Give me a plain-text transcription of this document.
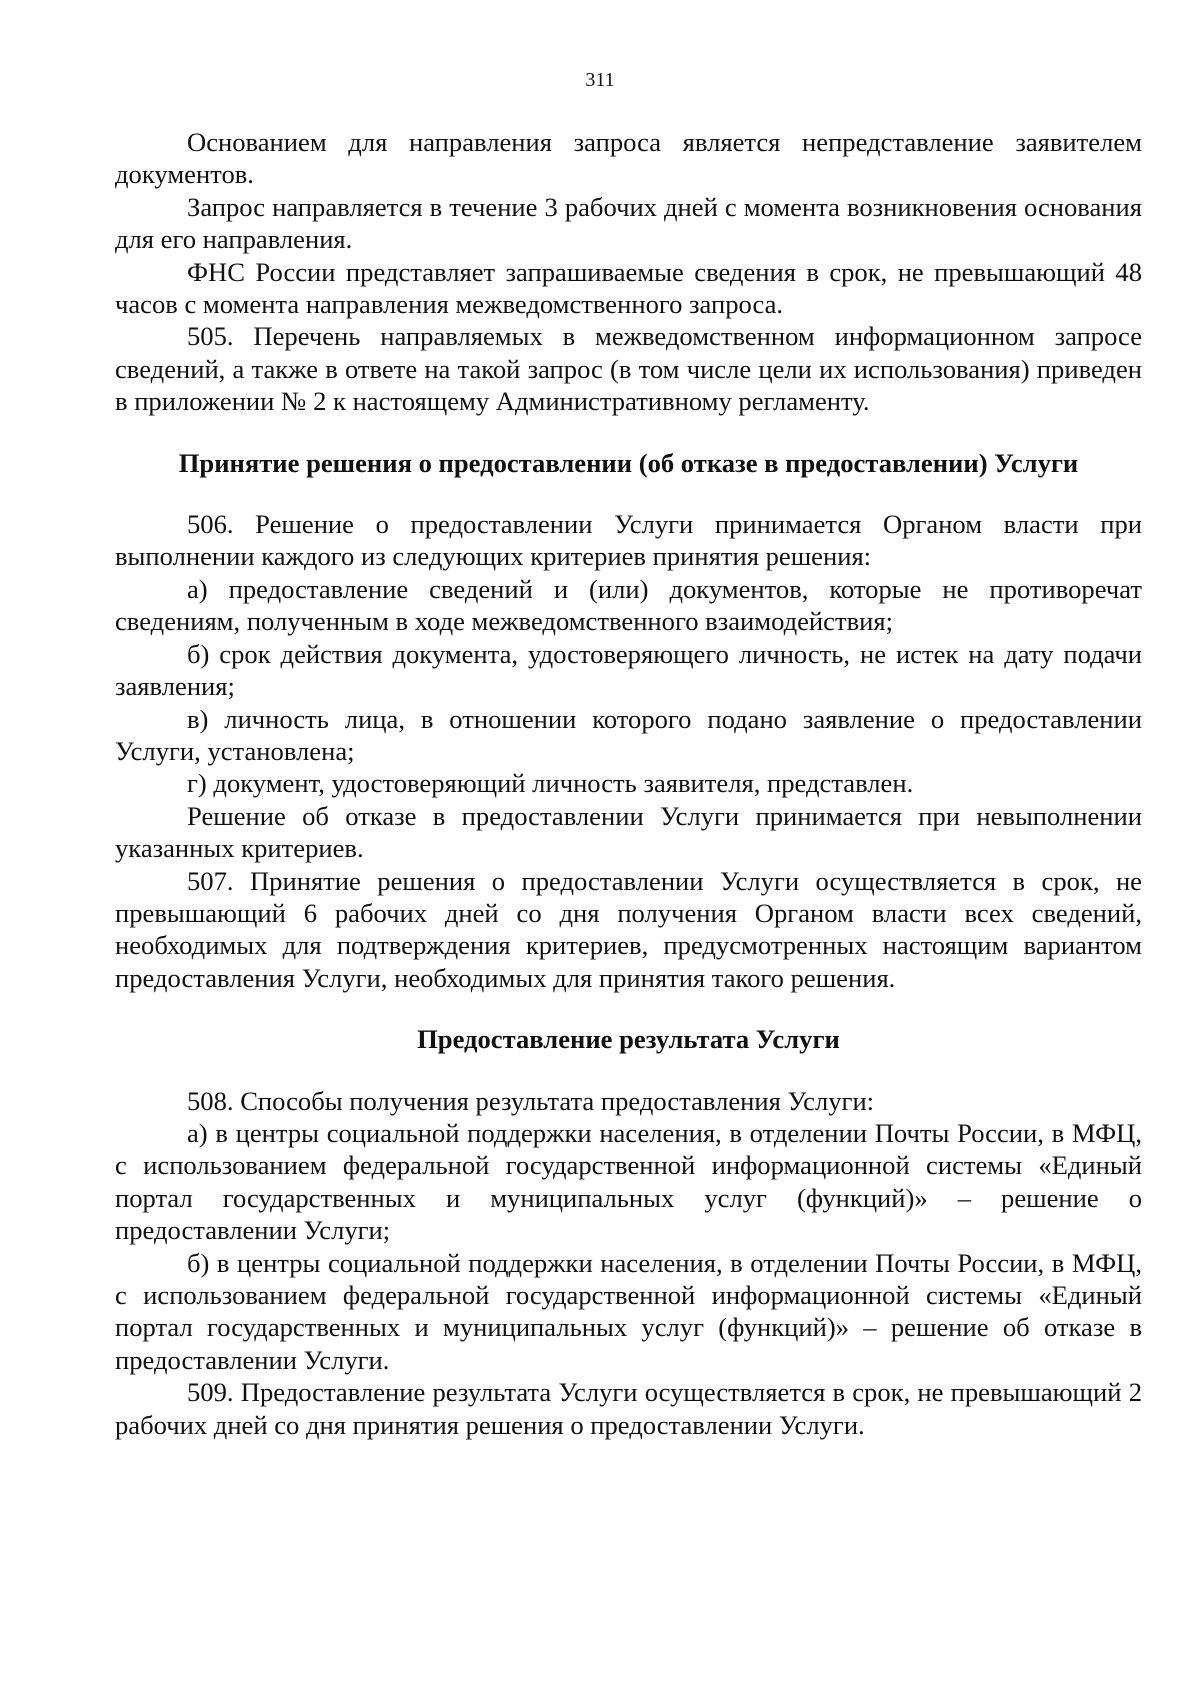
311

Основанием для направления запроса является непредставление заявителем документов.

Запрос направляется в течение 3 рабочих дней с момента возникновения основания для его направления.

ФНС России представляет запрашиваемые сведения в срок, не превышающий 48 часов с момента направления межведомственного запроса.

505. Перечень направляемых в межведомственном информационном запросе сведений, а также в ответе на такой запрос (в том числе цели их использования) приведен в приложении № 2 к настоящему Административному регламенту.

Принятие решения о предоставлении (об отказе в предоставлении) Услуги

506. Решение о предоставлении Услуги принимается Органом власти при выполнении каждого из следующих критериев принятия решения:

а) предоставление сведений и (или) документов, которые не противоречат сведениям, полученным в ходе межведомственного взаимодействия;

б) срок действия документа, удостоверяющего личность, не истек на дату подачи заявления;

в) личность лица, в отношении которого подано заявление о предоставлении Услуги, установлена;

г) документ, удостоверяющий личность заявителя, представлен.

Решение об отказе в предоставлении Услуги принимается при невыполнении указанных критериев.

507. Принятие решения о предоставлении Услуги осуществляется в срок, не превышающий 6 рабочих дней со дня получения Органом власти всех сведений, необходимых для подтверждения критериев, предусмотренных настоящим вариантом предоставления Услуги, необходимых для принятия такого решения.

Предоставление результата Услуги

508. Способы получения результата предоставления Услуги:

а) в центры социальной поддержки населения, в отделении Почты России, в МФЦ, с использованием федеральной государственной информационной системы «Единый портал государственных и муниципальных услуг (функций)» – решение о предоставлении Услуги;

б) в центры социальной поддержки населения, в отделении Почты России, в МФЦ, с использованием федеральной государственной информационной системы «Единый портал государственных и муниципальных услуг (функций)» – решение об отказе в предоставлении Услуги.

509. Предоставление результата Услуги осуществляется в срок, не превышающий 2 рабочих дней со дня принятия решения о предоставлении Услуги.
